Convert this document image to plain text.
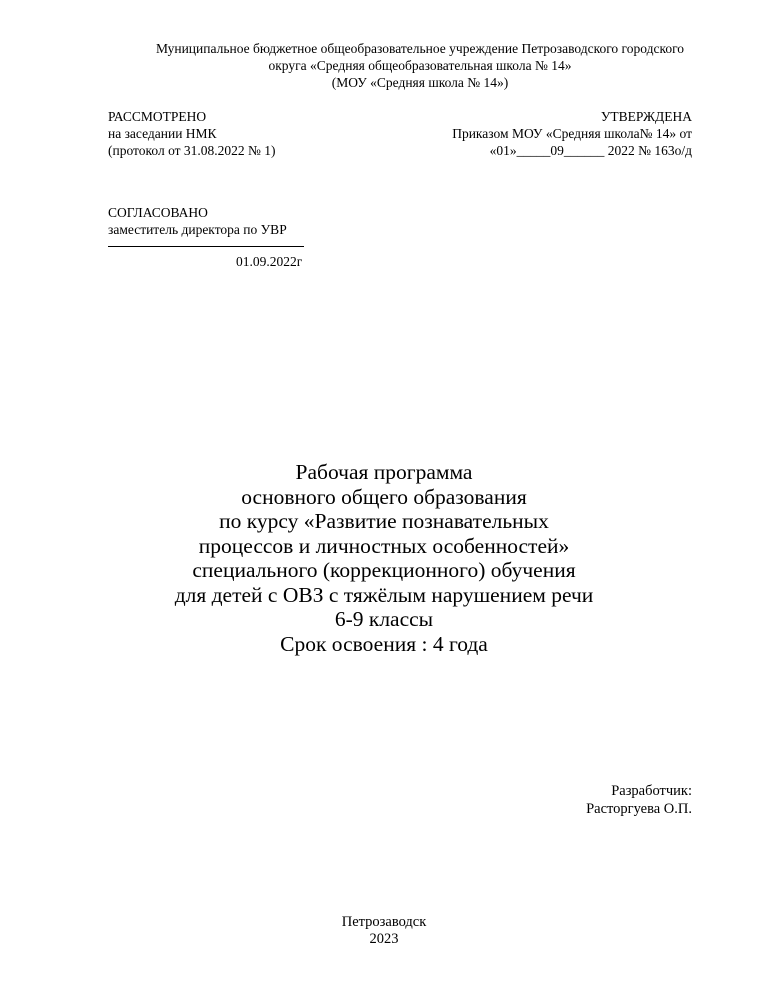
Муниципальное бюджетное общеобразовательное учреждение Петрозаводского городского
округа «Средняя общеобразовательная школа № 14»
(МОУ «Средняя школа № 14»)
РАССМОТРЕНО
на заседании НМК
(протокол от 31.08.2022 № 1)
УТВЕРЖДЕНА
Приказом МОУ «Средняя школа№ 14» от
«01»_____09______ 2022 № 163о/д
СОГЛАСОВАНО
заместитель директора по УВР
01.09.2022г
Рабочая программа
основного общего образования
по курсу «Развитие познавательных
процессов и личностных особенностей»
специального (коррекционного) обучения
для детей с ОВЗ с тяжёлым нарушением речи
6-9 классы
Срок освоения : 4 года
Разработчик:
Расторгуева О.П.
Петрозаводск
2023
